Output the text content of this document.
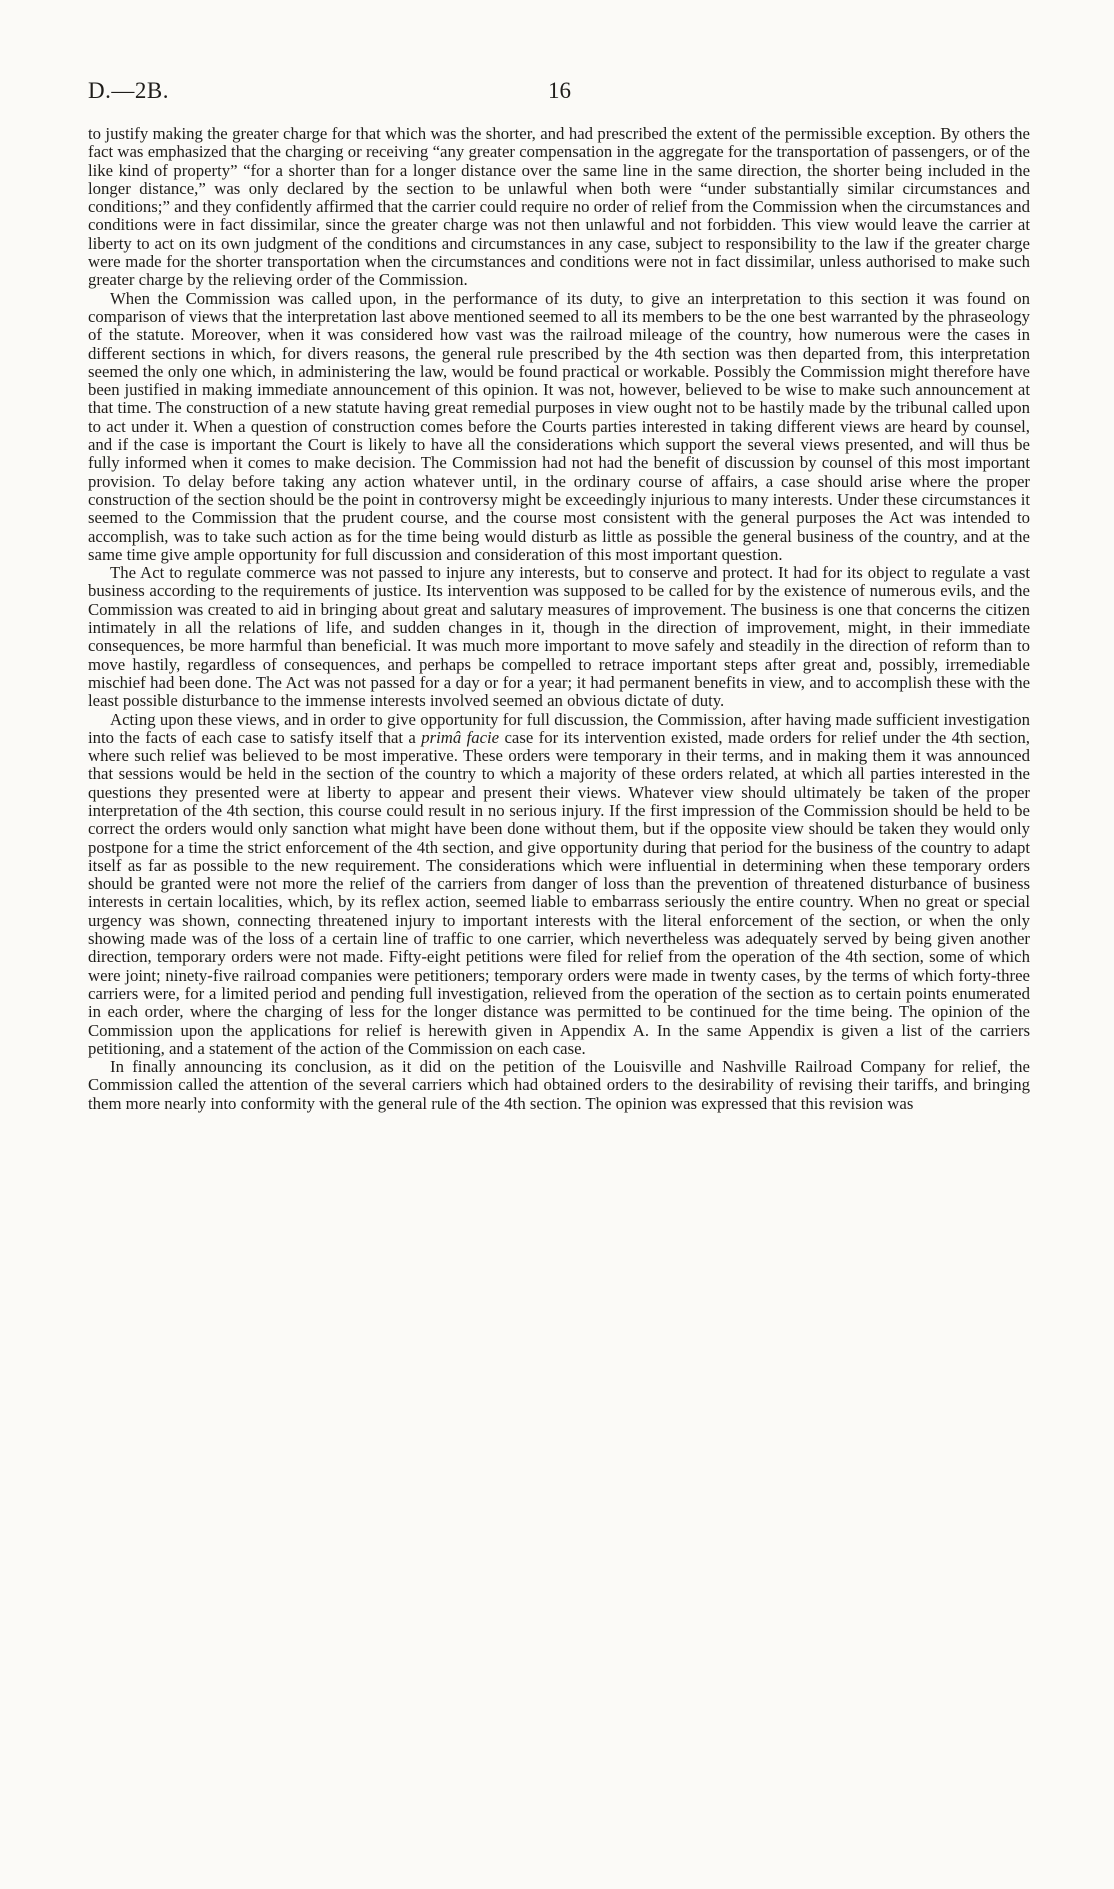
D.—2B.	16

to justify making the greater charge for that which was the shorter, and had prescribed the extent of the permissible exception. By others the fact was emphasized that the charging or receiving “any greater compensation in the aggregate for the transportation of passengers, or of the like kind of property” “for a shorter than for a longer distance over the same line in the same direction, the shorter being included in the longer distance,” was only declared by the section to be unlawful when both were “under substantially similar circumstances and conditions;” and they confidently affirmed that the carrier could require no order of relief from the Commission when the circumstances and conditions were in fact dissimilar, since the greater charge was not then unlawful and not forbidden. This view would leave the carrier at liberty to act on its own judgment of the conditions and circumstances in any case, subject to responsibility to the law if the greater charge were made for the shorter transportation when the circumstances and conditions were not in fact dissimilar, unless authorised to make such greater charge by the relieving order of the Commission.

When the Commission was called upon, in the performance of its duty, to give an interpretation to this section it was found on comparison of views that the interpretation last above mentioned seemed to all its members to be the one best warranted by the phraseology of the statute. Moreover, when it was considered how vast was the railroad mileage of the country, how numerous were the cases in different sections in which, for divers reasons, the general rule prescribed by the 4th section was then departed from, this interpretation seemed the only one which, in administering the law, would be found practical or workable. Possibly the Commission might therefore have been justified in making immediate announcement of this opinion. It was not, however, believed to be wise to make such announcement at that time. The construction of a new statute having great remedial purposes in view ought not to be hastily made by the tribunal called upon to act under it. When a question of construction comes before the Courts parties interested in taking different views are heard by counsel, and if the case is important the Court is likely to have all the considerations which support the several views presented, and will thus be fully informed when it comes to make decision. The Commission had not had the benefit of discussion by counsel of this most important provision. To delay before taking any action whatever until, in the ordinary course of affairs, a case should arise where the proper construction of the section should be the point in controversy might be exceedingly injurious to many interests. Under these circumstances it seemed to the Commission that the prudent course, and the course most consistent with the general purposes the Act was intended to accomplish, was to take such action as for the time being would disturb as little as possible the general business of the country, and at the same time give ample opportunity for full discussion and consideration of this most important question.

The Act to regulate commerce was not passed to injure any interests, but to conserve and protect. It had for its object to regulate a vast business according to the requirements of justice. Its intervention was supposed to be called for by the existence of numerous evils, and the Commission was created to aid in bringing about great and salutary measures of improvement. The business is one that concerns the citizen intimately in all the relations of life, and sudden changes in it, though in the direction of improvement, might, in their immediate consequences, be more harmful than beneficial. It was much more important to move safely and steadily in the direction of reform than to move hastily, regardless of consequences, and perhaps be compelled to retrace important steps after great and, possibly, irremediable mischief had been done. The Act was not passed for a day or for a year; it had permanent benefits in view, and to accomplish these with the least possible disturbance to the immense interests involved seemed an obvious dictate of duty.

Acting upon these views, and in order to give opportunity for full discussion, the Commission, after having made sufficient investigation into the facts of each case to satisfy itself that a primâ facie case for its intervention existed, made orders for relief under the 4th section, where such relief was believed to be most imperative. These orders were temporary in their terms, and in making them it was announced that sessions would be held in the section of the country to which a majority of these orders related, at which all parties interested in the questions they presented were at liberty to appear and present their views. Whatever view should ultimately be taken of the proper interpretation of the 4th section, this course could result in no serious injury. If the first impression of the Commission should be held to be correct the orders would only sanction what might have been done without them, but if the opposite view should be taken they would only postpone for a time the strict enforcement of the 4th section, and give opportunity during that period for the business of the country to adapt itself as far as possible to the new requirement. The considerations which were influential in determining when these temporary orders should be granted were not more the relief of the carriers from danger of loss than the prevention of threatened disturbance of business interests in certain localities, which, by its reflex action, seemed liable to embarrass seriously the entire country. When no great or special urgency was shown, connecting threatened injury to important interests with the literal enforcement of the section, or when the only showing made was of the loss of a certain line of traffic to one carrier, which nevertheless was adequately served by being given another direction, temporary orders were not made. Fifty-eight petitions were filed for relief from the operation of the 4th section, some of which were joint; ninety-five railroad companies were petitioners; temporary orders were made in twenty cases, by the terms of which forty-three carriers were, for a limited period and pending full investigation, relieved from the operation of the section as to certain points enumerated in each order, where the charging of less for the longer distance was permitted to be continued for the time being. The opinion of the Commission upon the applications for relief is herewith given in Appendix A. In the same Appendix is given a list of the carriers petitioning, and a statement of the action of the Commission on each case.

In finally announcing its conclusion, as it did on the petition of the Louisville and Nashville Railroad Company for relief, the Commission called the attention of the several carriers which had obtained orders to the desirability of revising their tariffs, and bringing them more nearly into conformity with the general rule of the 4th section. The opinion was expressed that this revision was
